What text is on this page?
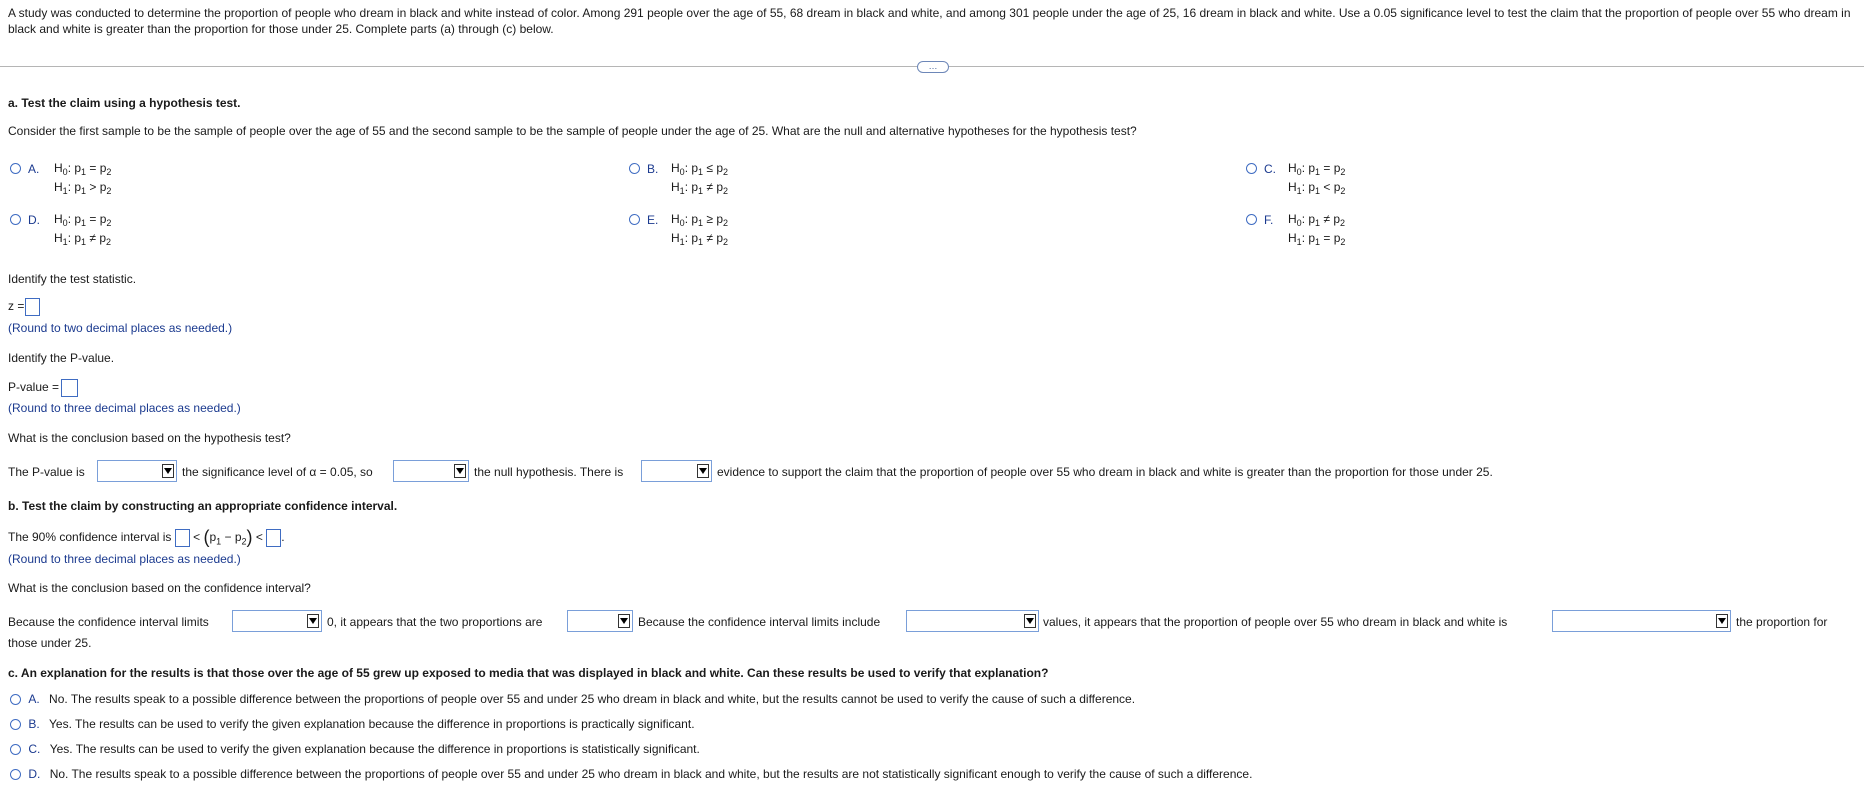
A study was conducted to determine the proportion of people who dream in black and white instead of color. Among 291 people over the age of 55, 68 dream in black and white, and among 301 people under the age of 25, 16 dream in black and white. Use a 0.05 significance level to test the claim that the proportion of people over 55 who dream in black and white is greater than the proportion for those under 25. Complete parts (a) through (c) below.
…
a. Test the claim using a hypothesis test.
Consider the first sample to be the sample of people over the age of 55 and the second sample to be the sample of people under the age of 25. What are the null and alternative hypotheses for the hypothesis test?
A. $H_0$: $p_1 = p_2$
$H_1$: $p_1 > p_2$
B. $H_0$: $p_1 \le p_2$
$H_1$: $p_1 \ne p_2$
C. $H_0$: $p_1 = p_2$
$H_1$: $p_1 < p_2$
D. $H_0$: $p_1 = p_2$
$H_1$: $p_1 \ne p_2$
E. $H_0$: $p_1 \ge p_2$
$H_1$: $p_1 \ne p_2$
F. $H_0$: $p_1 \ne p_2$
$H_1$: $p_1 = p_2$
Identify the test statistic.
z =
(Round to two decimal places as needed.)
Identify the P-value.
P-value =
(Round to three decimal places as needed.)
What is the conclusion based on the hypothesis test?
The P-value is	the significance level of α = 0.05, so	the null hypothesis. There is	evidence to support the claim that the proportion of people over 55 who dream in black and white is greater than the proportion for those under 25.
b. Test the claim by constructing an appropriate confidence interval.
The 90% confidence interval is < $(p_1 - p_2)$ < .
(Round to three decimal places as needed.)
What is the conclusion based on the confidence interval?
Because the confidence interval limits	0, it appears that the two proportions are	Because the confidence interval limits include	values, it appears that the proportion of people over 55 who dream in black and white is	the proportion for
those under 25.
c. An explanation for the results is that those over the age of 55 grew up exposed to media that was displayed in black and white. Can these results be used to verify that explanation?
A. No. The results speak to a possible difference between the proportions of people over 55 and under 25 who dream in black and white, but the results cannot be used to verify the cause of such a difference.
B. Yes. The results can be used to verify the given explanation because the difference in proportions is practically significant.
C. Yes. The results can be used to verify the given explanation because the difference in proportions is statistically significant.
D. No. The results speak to a possible difference between the proportions of people over 55 and under 25 who dream in black and white, but the results are not statistically significant enough to verify the cause of such a difference.
